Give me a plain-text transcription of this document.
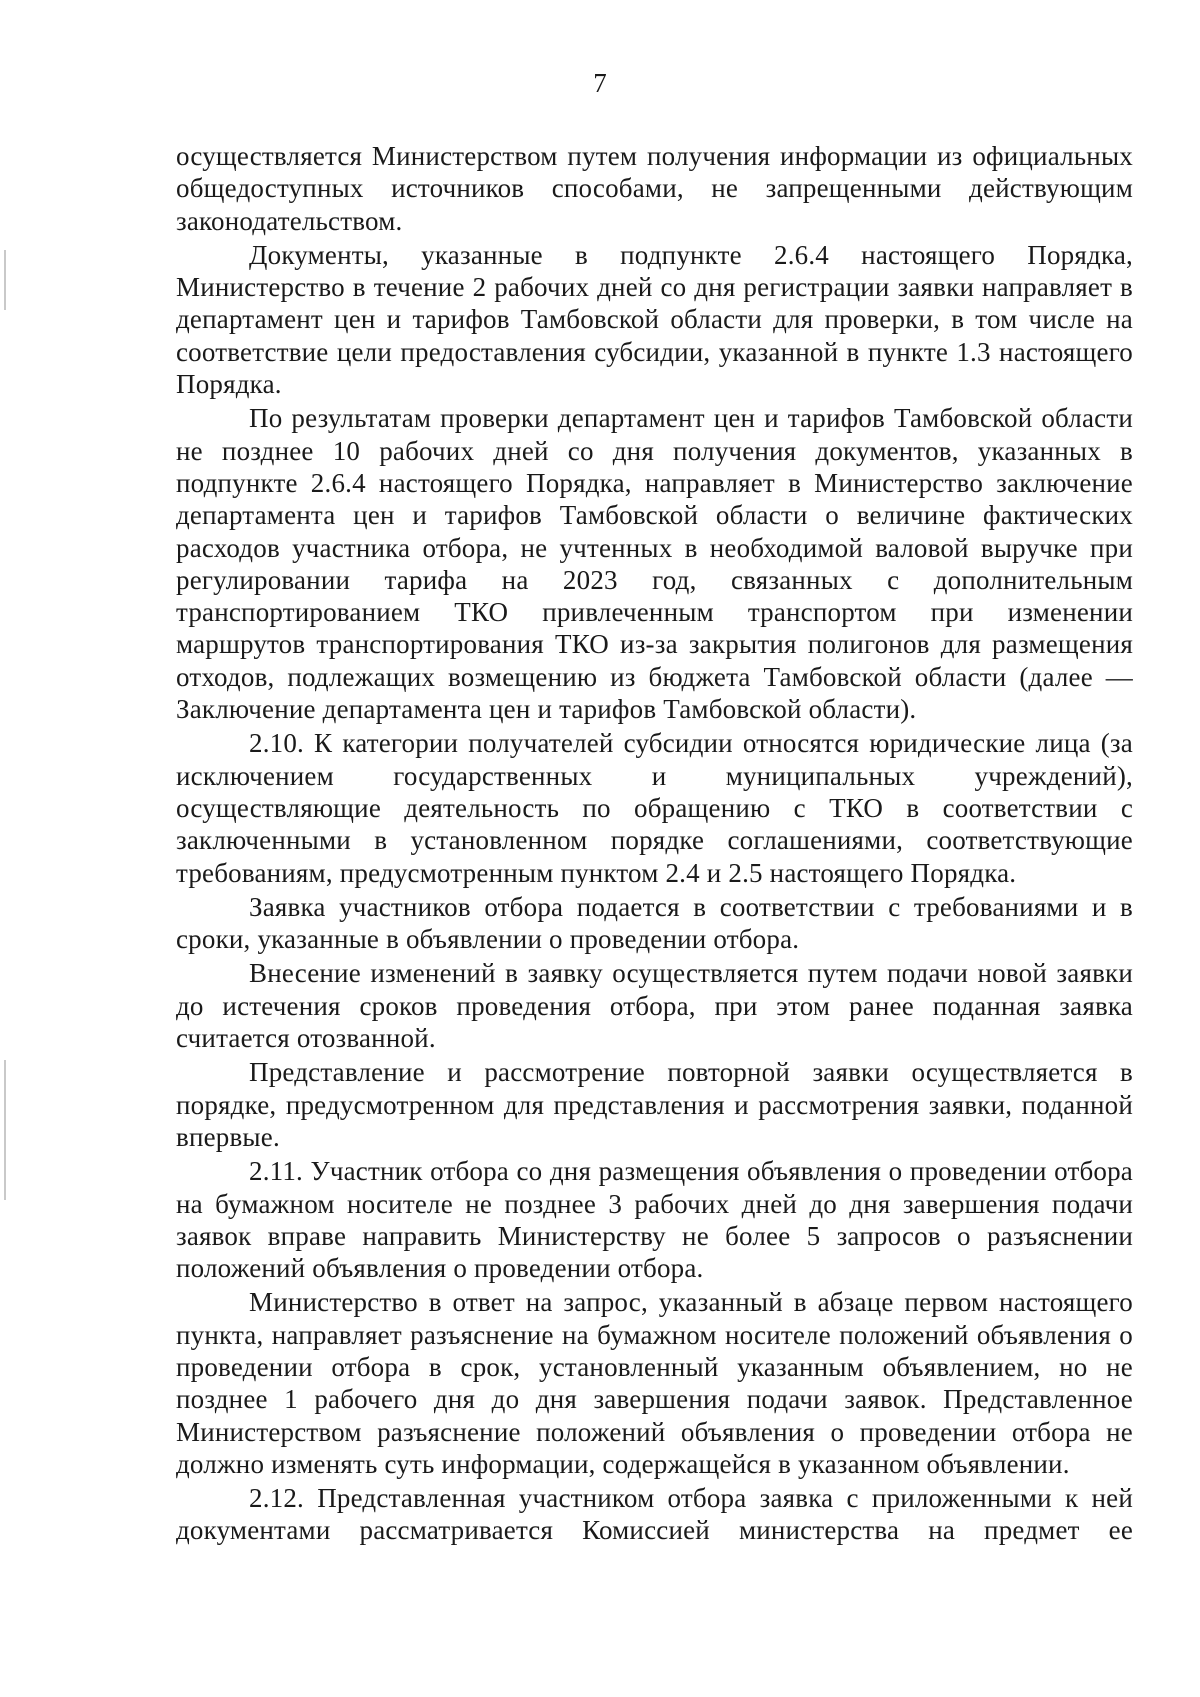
7

осуществляется Министерством путем получения информации из официальных общедоступных источников способами, не запрещенными действующим законодательством.

Документы, указанные в подпункте 2.6.4 настоящего Порядка, Министерство в течение 2 рабочих дней со дня регистрации заявки направляет в департамент цен и тарифов Тамбовской области для проверки, в том числе на соответствие цели предоставления субсидии, указанной в пункте 1.3 настоящего Порядка.

По результатам проверки департамент цен и тарифов Тамбовской области не позднее 10 рабочих дней со дня получения документов, указанных в подпункте 2.6.4 настоящего Порядка, направляет в Министерство заключение департамента цен и тарифов Тамбовской области о величине фактических расходов участника отбора, не учтенных в необходимой валовой выручке при регулировании тарифа на 2023 год, связанных с дополнительным транспортированием ТКО привлеченным транспортом при изменении маршрутов транспортирования ТКО из-за закрытия полигонов для размещения отходов, подлежащих возмещению из бюджета Тамбовской области (далее — Заключение департамента цен и тарифов Тамбовской области).

2.10. К категории получателей субсидии относятся юридические лица (за исключением государственных и муниципальных учреждений), осуществляющие деятельность по обращению с ТКО в соответствии с заключенными в установленном порядке соглашениями, соответствующие требованиям, предусмотренным пунктом 2.4 и 2.5 настоящего Порядка.

Заявка участников отбора подается в соответствии с требованиями и в сроки, указанные в объявлении о проведении отбора.

Внесение изменений в заявку осуществляется путем подачи новой заявки до истечения сроков проведения отбора, при этом ранее поданная заявка считается отозванной.

Представление и рассмотрение повторной заявки осуществляется в порядке, предусмотренном для представления и рассмотрения заявки, поданной впервые.

2.11. Участник отбора со дня размещения объявления о проведении отбора на бумажном носителе не позднее 3 рабочих дней до дня завершения подачи заявок вправе направить Министерству не более 5 запросов о разъяснении положений объявления о проведении отбора.

Министерство в ответ на запрос, указанный в абзаце первом настоящего пункта, направляет разъяснение на бумажном носителе положений объявления о проведении отбора в срок, установленный указанным объявлением, но не позднее 1 рабочего дня до дня завершения подачи заявок. Представленное Министерством разъяснение положений объявления о проведении отбора не должно изменять суть информации, содержащейся в указанном объявлении.

2.12. Представленная участником отбора заявка с приложенными к ней документами рассматривается Комиссией министерства на предмет ее
